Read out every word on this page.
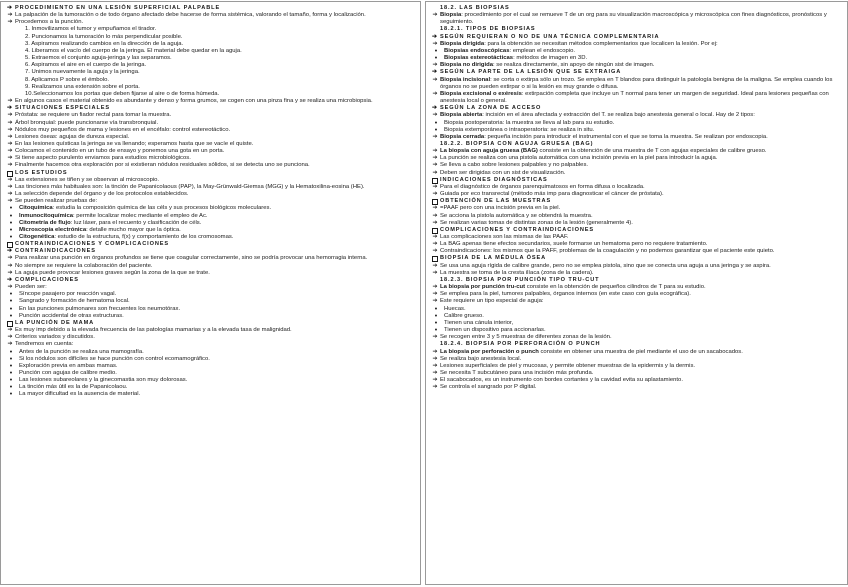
➔ PROCEDIMIENTO EN UNA LESIÓN SUPERFICIAL PALPABLE
➔ La palpación de la tumoración o de todo órgano afectado debe hacerse de forma sistémica, valorando el tamaño, forma y localización.
➔ Procedemos a la punción.
1. Inmovilizamos el tumor y empuñamos el tirador.
2. Puncionamos la tumoración lo más perpendicular posible.
3. Aspiramos realizando cambios en la dirección de la aguja.
4. Liberamos el vacío del cuerpo de la jeringa. El material debe quedar en la aguja.
5. Extraemos el conjunto aguja-jeringa y las separamos.
6. Aspiramos el aire en el cuerpo de la jeringa.
7. Unimos nuevamente la aguja y la jeringa.
8. Aplicamos P sobre el émbolo.
9. Realizamos una extensión sobre el porta.
10.Seleccionamos los portas que deben fijarse al aire o de forma húmeda.
➔ En algunos casos el material obtenido es abundante y denso y forma grumos, se cogen con una pinza fina y se realiza una microbiopsia.
➔ SITUACIONES ESPECIALES
➔ Próstata: se requiere un fiador rectal para tomar la muestra.
➔ Árbol bronquial: puede puncionarse vía transbronquial.
➔ Nódulos muy pequeños de mama y lesiones en el encéfalo: control estereotáctico.
➔ Lesiones óseas: agujas de dureza especial.
➔ En las lesiones quísticas la jeringa se va llenando; esperamos hasta que se vacíe el quiste.
➔ Colocamos el contenido en un tubo de ensayo y ponemos una gota en un porta.
➔ Si tiene aspecto purulento enviamos para estudios microbiológicos.
➔ Finalmente hacemos otra exploración por si existieran nódulos residuales sólidos, si se detecta uno se punciona.
LOS ESTUDIOS
➔ Las extensiones se tiñen y se observan al microscopio.
➔ Las tinciones más habituales son: la tinción de Papanicolaous (PAP), la May-Grünwald-Giemsa (MGG) y la Hematoxilina-eosina (HE).
➔ La selección depende del órgano y de los protocolos establecidos.
➔ Se pueden realizar pruebas de:
•	Citoquímica: estudia la composición química de las céls y sus procesos biológicos moleculares.
•	Inmunocitoquímica: permite localizar molec mediante el empleo de Ac.
•	Citometría de flujo: luz láser, para el recuento y clasificación de céls.
•	Microscopía electrónica: detalle mucho mayor que la óptica.
•	Citogenética: estudio de la estructura, f(x) y comportamiento de los cromosomas.
CONTRAINDICACIONES Y COMPLICACIONES
➔ CONTRAINDICACIONES
➔ Para realizar una punción en órganos profundos se tiene que coagular correctamente, sino se podría provocar una hemorragia interna.
➔ No siempre se requiere la colaboración del paciente.
➔ La aguja puede provocar lesiones graves según la zona de la que se trate.
➔ COMPLICACIONES
➔ Pueden ser:
•	Síncope pasajero por reacción vagal.
•	Sangrado y formación de hematoma local.
•	En las punciones pulmonares son frecuentes los neumotórax.
•	Punción accidental de otras estructuras.
LA PUNCIÓN DE MAMA
➔ Es muy imp debido a la elevada frecuencia de las patologías mamarias y a la elevada tasa de malignidad.
➔ Criterios variados y discutidos.
➔ Tendremos en cuenta:
•	Antes de la punción se realiza una mamografía.
•	Si los nódulos son difíciles se hace punción con control ecomamográfico.
•	Exploración previa en ambas mamas.
•	Punción con agujas de calibre medio.
•	Las lesiones subareolares y la ginecomastia son muy dolorosas.
•	La tinción más útil es la de Papanicolaou.
•	La mayor dificultad es la ausencia de material.
18.2. LAS BIOPSIAS
➔ Biopsia: procedimiento por el cual se remueve T de un org para su visualización macroscópica y microscópica con fines diagnósticos, pronósticos y seguimiento.
18.2.1. TIPOS DE BIOPSIAS
➔ SEGÚN REQUIERAN O NO DE UNA TÉCNICA COMPLEMENTARIA
➔ Biopsia dirigida: para la obtención se necesitan métodos complementarios que localicen la lesión. Por ej:
•	Biopsias endoscópicas: emplean el endoscopio.
•	Biopsias estereotácticas: métodos de imagen en 3D.
➔ Biopsia no dirigida: se realiza directamente, sin apoyo de ningún sist de imagen.
➔ SEGÚN LA PARTE DE LA LESIÓN QUE SE EXTRAIGA
➔ Biopsia incisional: se corta o extirpa sólo un trozo. Se emplea en T blandos para distinguir la patología benigna de la maligna. Se emplea cuando los órganos no se pueden extirpar o si la lesión es muy grande o difusa.
➔ Biopsia excisional o exéresis: extirpación completa que incluye un T normal para tener un margen de seguridad. Ideal para lesiones pequeñas con anestesia local o general.
➔ SEGÚN LA ZONA DE ACCESO
➔ Biopsia abierta: incisión en el área afectada y extracción del T. se realiza bajo anestesia general o local. Hay de 2 tipos:
•	Biopsia postoperatoria: la muestra se lleva al lab para su estudio.
•	Biopsia extemporánea o intraoperatoria: se realiza in situ.
➔ Biopsia cerrada: pequeña incisión para introducir el instrumental con el que se toma la muestra. Se realizan por endoscopia.
18.2.2. BIOPSIA CON AGUJA GRUESA (BAG)
➔ La biopsia con aguja gruesa (BAG) consiste en la obtención de una muestra de T con agujas especiales de calibre grueso.
➔ La punción se realiza con una pistola automática con una incisión previa en la piel para introducir la aguja.
➔ Se lleva a cabo sobre lesiones palpables y no palpables.
➔ Deben ser dirigidas con un sist de visualización.
INDICACIONES DIAGNÓSTICAS
➔ Para el diagnóstico de órganos parenquimatosos en forma difusa o localizada.
➔ Guiada por eco transrectal (método más imp para diagnosticar el cáncer de próstata).
OBTENCIÓN DE LAS MUESTRAS
➔ =PAAF pero con una incisión previa en la piel.
➔ Se acciona la pistola automática y se obtendrá la muestra.
➔ Se realizan varias tomas de distintas zonas de la lesión (generalmente 4).
COMPLICACIONES Y CONTRAINDICACIONES
➔ Las complicaciones son las mismas de las PAAF.
➔ La BAG apenas tiene efectos secundarios, suele formarse un hematoma pero no requiere tratamiento.
➔ Contraindicaciones: los mismos que la PAFF, problemas de la coagulación y no podemos garantizar que el paciente este quieto.
BIOPSIA DE LA MÉDULA ÓSEA
➔ Se usa una aguja rígida de calibre grande, pero no se emplea pistola, sino que se conecta una aguja a una jeringa y se aspira.
➔ La muestra se toma de la cresta ilíaca (zona de la cadera).
18.2.3. BIOPSIA POR PUNCIÓN TIPO TRU-CUT
➔ La biopsia por punción tru-cut consiste en la obtención de pequeños cilindros de T para su estudio.
➔ Se emplea para la piel, tumores palpables, órganos internos (en este caso con guía ecográfica).
➔ Este requiere un tipo especial de aguja:
•	Huecas.
•	Calibre grueso.
•	Tienen una cánula interior,
•	Tienen un dispositivo para accionarlas.
➔ Se recogen entre 3 y 5 muestras de diferentes zonas de la lesión.
18.2.4. BIOPSIA POR PERFORACIÓN O PUNCH
➔ La biopsia por perforación o punch consiste en obtener una muestra de piel mediante el uso de un sacabocados.
➔ Se realiza bajo anestesia local.
➔ Lesiones superficiales de piel y mucosas, y permite obtener muestras de la epidermis y la dermis.
➔ Se necesita T subcutáneo para una incisión más profunda.
➔ El sacabocados, es un instrumento con bordes cortantes y la cavidad evita su aplastamiento.
➔ Se controla el sangrado por P digital.
